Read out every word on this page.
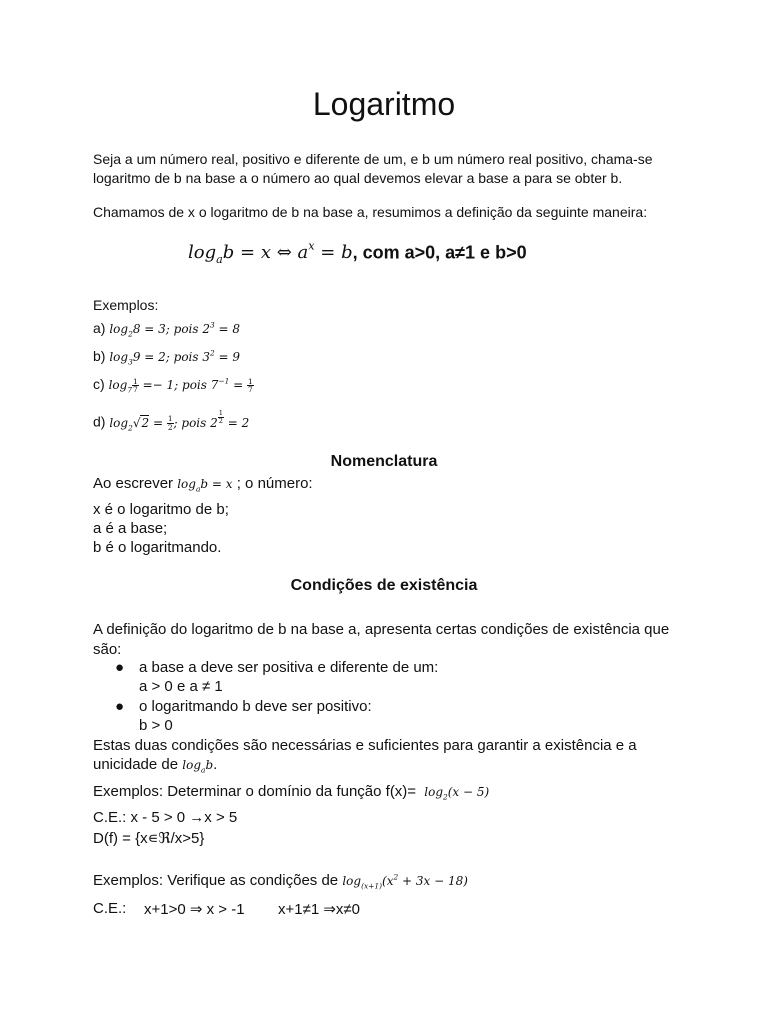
Logaritmo
Seja a um número real, positivo e diferente de um, e b um número real positivo, chama-se logaritmo de b na base a o número ao qual devemos elevar a base a para se obter b.
Chamamos de x o logaritmo de b na base a, resumimos a definição da seguinte maneira:
$\log_ab = x$ ⇔ $a^x = b$, com a>0, a≠1 e b>0
Exemplos:
a) $\log_28 = 3$; pois $2^3 = 8$
b) $\log_39 = 2$; pois $3^2 = 9$
c) $\log_7 \frac{1}{7} =- 1$; pois $7^{-1} = \frac{1}{7}$
d) $\log_2√2 = \frac{1}{2}$ ; pois 2 $^{\frac{1}{2}}$ = 2
Nomenclatura
Ao escrever $\log_ab = x$ ; o número:
x é o logaritmo de b;
a é a base;
b é o logaritmando.
Condições de existência
A definição do logaritmo de b na base a, apresenta certas condições de existência que são:
● a base a deve ser positiva e diferente de um:
a > 0 e a ≠ 1
● o logaritmando b deve ser positivo:
b > 0
Estas duas condições são necessárias e suficientes para garantir a existência e a
unicidade de $\log_ab$.
Exemplos: Determinar o domínio da função $f(x)= \log_2(x - 5)$
C.E.: x - 5 > 0 →x > 5
D(f) = {x∊ℜ/x>5}
Exemplos: Verifique as condições de $\log_{(x+1)}(x^2 + 3x - 18)$
C.E.: x+1>0 ⇒ x > -1 x+1≠1 ⇒x≠0
